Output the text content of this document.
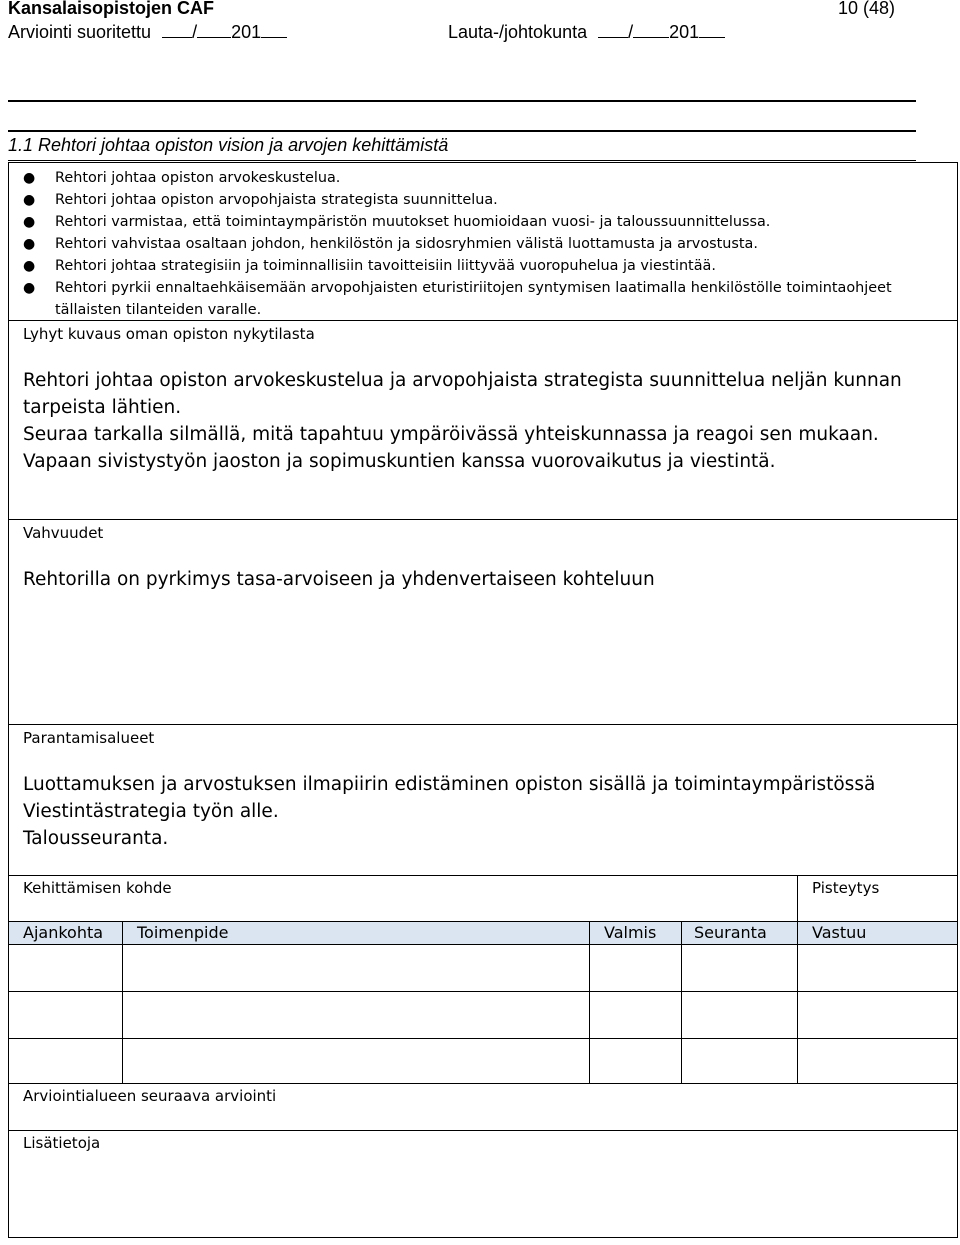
Kansalaisopistojen CAF	10 (48)
Arviointi suoritettu / 201	Lauta-/johtokunta / 201
1.1 Rehtori johtaa opiston vision ja arvojen kehittämistä
● Rehtori johtaa opiston arvokeskustelua.
● Rehtori johtaa opiston arvopohjaista strategista suunnittelua.
● Rehtori varmistaa, että toimintaympäristön muutokset huomioidaan vuosi- ja taloussuunnittelussa.
● Rehtori vahvistaa osaltaan johdon, henkilöstön ja sidosryhmien välistä luottamusta ja arvostusta.
● Rehtori johtaa strategisiin ja toiminnallisiin tavoitteisiin liittyvää vuoropuhelua ja viestintää.
● Rehtori pyrkii ennaltaehkäisemään arvopohjaisten eturistiriitojen syntymisen laatimalla henkilöstölle toimintaohjeet tällaisten tilanteiden varalle.
Lyhyt kuvaus oman opiston nykytilasta
Rehtori johtaa opiston arvokeskustelua ja arvopohjaista strategista suunnittelua neljän kunnan
tarpeista lähtien.
Seuraa tarkalla silmällä, mitä tapahtuu ympäröivässä yhteiskunnassa ja reagoi sen mukaan.
Vapaan sivistystyön jaoston ja sopimuskuntien kanssa vuorovaikutus ja viestintä.
Vahvuudet
Rehtorilla on pyrkimys tasa-arvoiseen ja yhdenvertaiseen kohteluun
Parantamisalueet
Luottamuksen ja arvostuksen ilmapiirin edistäminen opiston sisällä ja toimintaympäristössä
Viestintästrategia työn alle.
Talousseuranta.
Kehittämisen kohde	Pisteytys
Ajankohta Toimenpide	Valmis Seuranta	Vastuu
Arviointialueen seuraava arviointi
Lisätietoja
